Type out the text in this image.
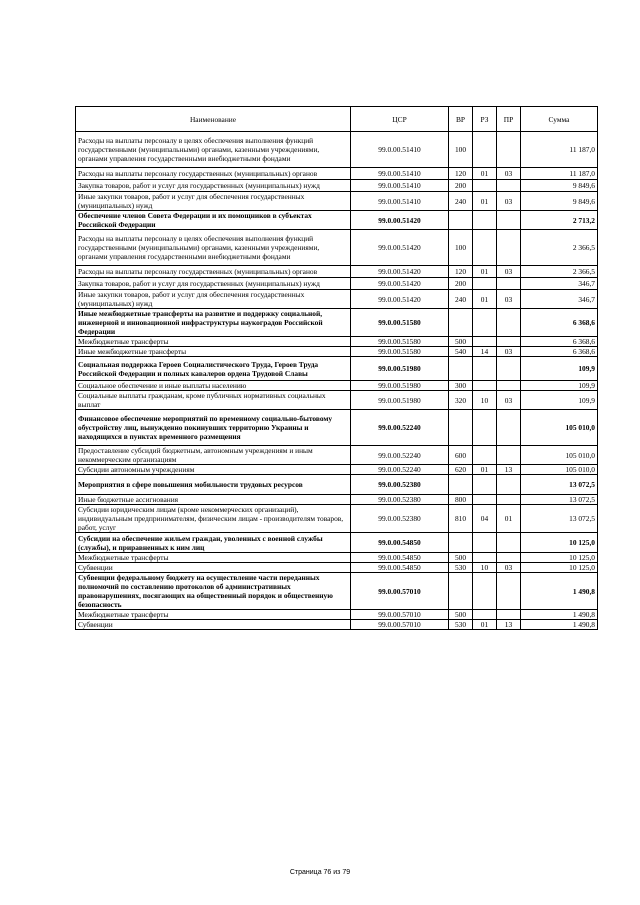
Наименование	ЦСР	ВР	РЗ	ПР	Сумма
Расходы на выплаты персоналу в целях обеспечения выполнения функций государственными (муниципальными) органами, казенными учреждениями, органами управления государственными внебюджетными фондами	99.0.00.51410	100			11 187,0
Расходы на выплаты персоналу государственных (муниципальных) органов	99.0.00.51410	120	01	03	11 187,0
Закупка товаров, работ и услуг для государственных (муниципальных) нужд	99.0.00.51410	200			9 849,6
Иные закупки товаров, работ и услуг для обеспечения государственных (муниципальных) нужд	99.0.00.51410	240	01	03	9 849,6
Обеспечение членов Совета Федерации и их помощников в субъектах Российской Федерации	99.0.00.51420				2 713,2
Расходы на выплаты персоналу в целях обеспечения выполнения функций государственными (муниципальными) органами, казенными учреждениями, органами управления государственными внебюджетными фондами	99.0.00.51420	100			2 366,5
Расходы на выплаты персоналу государственных (муниципальных) органов	99.0.00.51420	120	01	03	2 366,5
Закупка товаров, работ и услуг для государственных (муниципальных) нужд	99.0.00.51420	200			346,7
Иные закупки товаров, работ и услуг для обеспечения государственных (муниципальных) нужд	99.0.00.51420	240	01	03	346,7
Иные межбюджетные трансферты на развитие и поддержку социальной, инженерной и инновационной инфраструктуры наукоградов Российской Федерации	99.0.00.51580				6 368,6
Межбюджетные трансферты	99.0.00.51580	500			6 368,6
Иные межбюджетные трансферты	99.0.00.51580	540	14	03	6 368,6
Социальная поддержка Героев Социалистического Труда, Героев Труда Российской Федерации и полных кавалеров ордена Трудовой Славы	99.0.00.51980				109,9
Социальное обеспечение и иные выплаты населению	99.0.00.51980	300			109,9
Социальные выплаты гражданам, кроме публичных нормативных социальных выплат	99.0.00.51980	320	10	03	109,9
Финансовое обеспечение мероприятий по временному социально-бытовому обустройству лиц, вынужденно покинувших территорию Украины и находящихся в пунктах временного размещения	99.0.00.52240				105 010,0
Предоставление субсидий бюджетным, автономным учреждениям и иным некоммерческим организациям	99.0.00.52240	600			105 010,0
Субсидии автономным учреждениям	99.0.00.52240	620	01	13	105 010,0
Мероприятия в сфере повышения мобильности трудовых ресурсов	99.0.00.52380				13 072,5
Иные бюджетные ассигнования	99.0.00.52380	800			13 072,5
Субсидии юридическим лицам (кроме некоммерческих организаций), индивидуальным предпринимателям, физическим лицам - производителям товаров, работ, услуг	99.0.00.52380	810	04	01	13 072,5
Субсидии на обеспечение жильем граждан, уволенных с военной службы (службы), и приравненных к ним лиц	99.0.00.54850				10 125,0
Межбюджетные трансферты	99.0.00.54850	500			10 125,0
Субвенции	99.0.00.54850	530	10	03	10 125,0
Субвенции федеральному бюджету на осуществление части переданных полномочий по составлению протоколов об административных правонарушениях, посягающих на общественный порядок и общественную безопасность	99.0.00.57010				1 490,8
Межбюджетные трансферты	99.0.00.57010	500			1 490,8
Субвенции	99.0.00.57010	530	01	13	1 490,8
Страница 76 из 79
